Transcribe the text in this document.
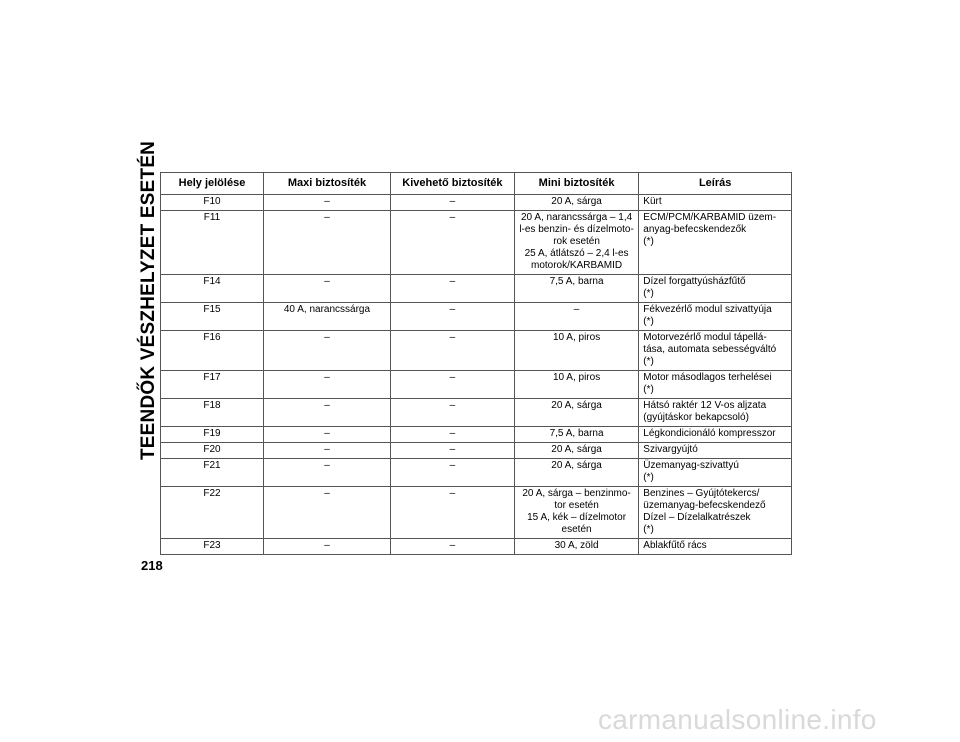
TEENDŐK VÉSZHELYZET ESETÉN Hely jelölése	Maxi biztosíték	Kivehető biztosíték	Mini biztosíték	Leírás
F10	–	–	20 A, sárga	Kürt

F11	–	–	20 A, narancssárga – 1,4
l-es benzin- és dízelmoto-
rok esetén
25 A, átlátszó – 2,4 l-es
motorok/KARBAMID	ECM/PCM/KARBAMID üzem-
anyag-befecskendezők
(*)

F14	–	–	7,5 A, barna	Dízel forgattyúsházfűtő
(*)

F15	40 A, narancssárga	–	–	Fékvezérlő modul szivattyúja
(*)

F16	–	–	10 A, piros	Motorvezérlő modul tápellá-
tása, automata sebességváltó
(*)

F17	–	–	10 A, piros	Motor másodlagos terhelései
(*)

F18	–	–	20 A, sárga	Hátsó raktér 12 V-os aljzata
(gyújtáskor bekapcsoló)

F19	–	–	7,5 A, barna	Légkondicionáló kompresszor

F20	–	–	20 A, sárga	Szivargyújtó

F21	–	–	20 A, sárga	Üzemanyag-szivattyú
(*)

F22	–	–	20 A, sárga – benzinmo-
tor esetén
15 A, kék – dízelmotor
esetén	Benzines – Gyújtótekercs/
üzemanyag-befecskendező
Dízel – Dízelalkatrészek
(*)

F23	–	–	30 A, zöld	Ablakfűtő rács
218
carmanualsonline.info
